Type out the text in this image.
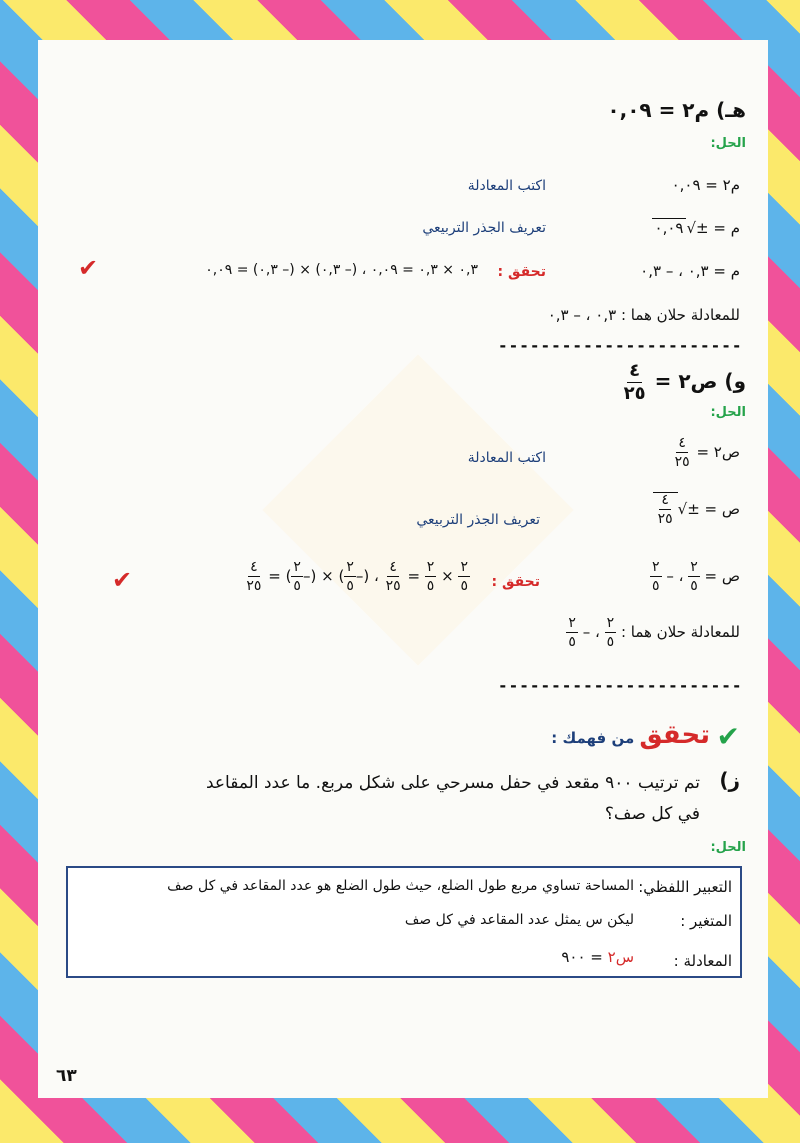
هـ) م٢ = ٠,٠٩
الحل:
م٢ = ٠,٠٩
اكتب المعادلة
م = ±√٠,٠٩
تعريف الجذر التربيعي
م = ٠,٣ ، – ٠,٣
تحقق :
٠,٣ × ٠,٣ = ٠,٠٩ ، (– ٠,٣) × (– ٠,٣) = ٠,٠٩
✔
للمعادلة حلان هما : ٠,٣ ، – ٠,٣
-----------------------
و) ص٢ =
$\frac{٤}{٢٥}$
الحل:
ص٢ =
$\frac{٤}{٢٥}$
اكتب المعادلة
ص = ±√
$\frac{٤}{٢٥}$
تعريف الجذر التربيعي
ص =
$\frac{٢}{٥}$
، –
$\frac{٢}{٥}$
تحقق :
$\frac{٢}{٥}$
×
$\frac{٢}{٥}$
=
$\frac{٤}{٢٥}$
، (–
$\frac{٢}{٥}$
) × (–
$\frac{٢}{٥}$
) =
$\frac{٤}{٢٥}$
✔
للمعادلة حلان هما :
$\frac{٢}{٥}$
، –
$\frac{٢}{٥}$
-----------------------
تحقق من فهمك :	✔
ز)
تم ترتيب ٩٠٠ مقعد في حفل مسرحي على شكل مربع. ما عدد المقاعد في كل صف؟
الحل:
التعبير اللفظي:
المساحة تساوي مربع طول الضلع، حيث طول الضلع هو عدد المقاعد في كل صف
المتغير :
ليكن س يمثل عدد المقاعد في كل صف
المعادلة :
س٢ = ٩٠٠
٦٣
